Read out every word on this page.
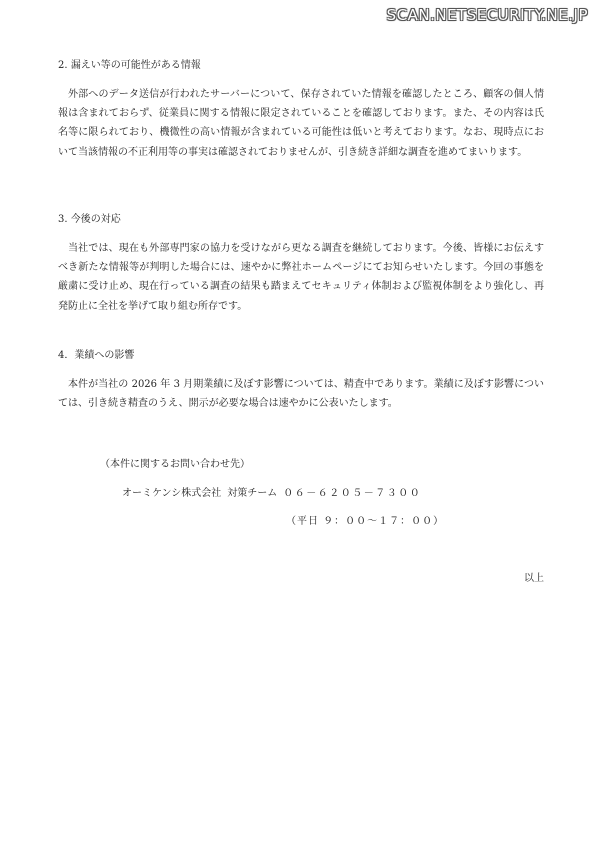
SCAN.NETSECURITY.NE.JP
2. 漏えい等の可能性がある情報

外部へのデータ送信が行われたサーバーについて、保存されていた情報を確認したところ、顧客の個人情報は含まれておらず、従業員に関する情報に限定されていることを確認しております。また、その内容は氏名等に限られており、機微性の高い情報が含まれている可能性は低いと考えております。なお、現時点において当該情報の不正利用等の事実は確認されておりませんが、引き続き詳細な調査を進めてまいります。

3. 今後の対応

当社では、現在も外部専門家の協力を受けながら更なる調査を継続しております。今後、皆様にお伝えすべき新たな情報等が判明した場合には、速やかに弊社ホームページにてお知らせいたします。今回の事態を厳粛に受け止め、現在行っている調査の結果も踏まえてセキュリティ体制および監視体制をより強化し、再発防止に全社を挙げて取り組む所存です。

4．業績への影響

本件が当社の 2026 年 3 月期業績に及ぼす影響については、精査中であります。業績に及ぼす影響については、引き続き精査のうえ、開示が必要な場合は速やかに公表いたします。

（本件に関するお問い合わせ先）

オーミケンシ株式会社 対策チーム ０６－６２０５－７３００

（平日 ９：００～１７：００）

以上
